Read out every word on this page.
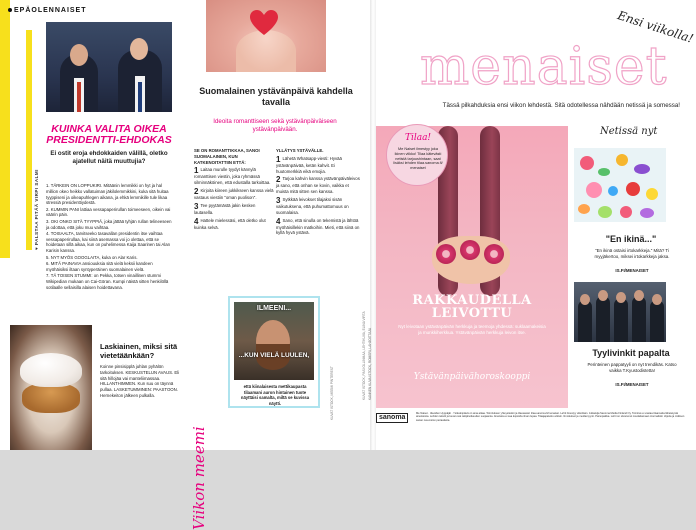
EPÄOLENNAISET
♥ PALSTAA PITÄÄ VIRPI SALMI
KUINKA VALITA OIKEA PRESIDENTTI-EHDOKAS
Ei ostit eroja ehdokkaiden välillä, oletko ajatellut näitä muuttujia?

1. TÄRKEIN ON LOPPUKIRI. Mitäänin lemmikki on hyt ja hal million okeo heikko vallatuiman jäkilolemmikkini, kuka sitä huitaa tyyppiseni ja oikeapuhlegen aikana, ja ehkä lemmikille tule likaa stressiä presidenttiydestä.

2. KUMMIN PANI lattiaa vessapaperirullan toimeeseen, oikein vai väärin päin.

3. OKI ONKO SITÄ TYYPPIÄ, joka jättää tyhjän rullan telineeseen ja odottaa, että joku muu vaihtaa.

4. TOISAALTA, tarvitseeko tasavallan presidentin itse vaihtaa vessapaperirullaa, kai siinä asemassa voi jo olettaa, että se hoidetaan sillä aikaa, kun on puhelimessa Kaija Saarinen tai Alan Karisin kanssa.

5. NYT MYÖS GOOGLAITA, kuka on Alar Karis.

6. MITÄ PAINAVIA ansiouuksia sitä vielä keksii kandeen myöhäisiksi iltaan syntyperäinen suomalainen vielä.

7. TÄ TOISEN STUMMI: on Pekka, totsen vinaillinen stummi Wikipedian mukaan on Cai-Göran. Kumpi näistä sitten henkilöllä sotilaalle sellaisilla alaisen hoidettavana.

Laskiainen, miksi sitä vietetäänkään?
Koinne pinsisipplä juhlan pyhälön tarkoituksen. KESKUSTELUN AVAUS. Eli sitä hillojäa vai manteliimassaa. HILLANTHIMMEN. Kun suu on täynnä pullaa. LASKETUMMINEN: PAASTOON. Hernekeiton jälkeen pulkalla.
Suomalainen ystävänpäivä kahdella tavalla
Ideoita romanttiseen sekä ystävänpäiväiseen ystävänpäivään.
SE ON ROMANTTIKKAA, SANOI SUOMALAINEN, KUN KATKENOITATTIIN ETTÄ:
1 Laitaa murulle tyydyt kännylä romanttisen viestin, joka ryhmässä silminnäköinen, että edustalla tarkoittaa.
2 Kirjoita kiireen jukkikseen kanssa vielä vastaus viestiin "oman puolison".
3 Tee pyytämästä jakin kesken lautasella.
4 Hattele mielessäsi, että oletko olut kuinka selvä.
YLLÄTYS YSTÄVÄLLE.
1 Lähetä Whatsapp-viesti: Hyvää ystävänpäivää, ketän kahvit. Ei huutomerkkiä eikä emojia.
2 Tarjoa kahvin kanssa ystävänpäiväleivos ja sano, että onhan se kovin, vaikka et muista mitä sitten sen kanssa.
3 Sytkkää leivokset tilajaksi sisän vaikutuksena, että puhumattomuus on suomalaisa.
4 Sano, että sinulla on tekemistä ja lähtöä myöhäisillekin matkoihin. Mieti, että siinä on kyllä hyvä ystävä.
Viikon meemi
ILMEENI...
...KUN VIELÄ LUULEN,
että kiinalaisesta mettikaupasta tilaamani auron hintainen tuote näyttäisi samalta, miltä se kuvissa näytti.	KUVAT ISTOCK, MEEMI PINTEREST	KUVAT ISTOCK, PASI OLLINMAA, LEHTIKUVA, ELINA VIRTA
Ensi viikolla!
menaiset
Tässä pilkahduksia ensi viikon lehdestä. Sitä odotellessa nähdään netissä ja somessa!
RAKKAUDELLA LEIVOTTU
Nyt leivotaan ystävänpäivän herkkuja ja teemoja yhdessä: suklaamakeisia ja munkkiherkkua. Ystävänpäivän herkkuja leivon itse.
Ystävänpäivähoroskooppi
Tilaa!
Me Naiset ilmestyy joka ikinen viikko! Tilaa kätevästi netistä tarjoushintaan, saat lisäksi lehden tilaa.sanoma.fi/ menaiset
Netissä nyt
"En ikinä..."
"En ikinä ostaisi irtokarkkeja." Mitä? Ti myyjäkertoo, miksei irtokarkkeja jaksa.
IS.FI/MENAISET
Tyylivinkit papalta
Perinteinen pappatyyli on nyt trendikäs. Katso vaikka T.Kyustodistetta!
IS.FI/MENAISET
KANNEN KUVA ISTOCK, ROMERI, LAHJOITTAJA
sanoma
Me Naiset · Ideoiden Hyppäjät · Ystävänpäivä on aina aikaa. Toimituksen yhteystiedot ja tilausasiat: tilaa.sanoma.fi/menaiset. Lehti ilmestyy viikoittain. Julkaisija Sanoma Media Finland Oy. Toimitus ei vastaa tilaamatta lähetetystä aineistosta. Lehden tekstit ja kuvat ovat tekijänoikeuden suojaamia. Aineistoa ei saa kopioida ilman lupaa. Tilaajapalvelu arkisin. Ilmoitukset ja mediamyynti. Painopaikka. Lehti on sitoutunut noudattamaan Journalistin ohjeita ja Julkisen sanan neuvoston periaatteita.
